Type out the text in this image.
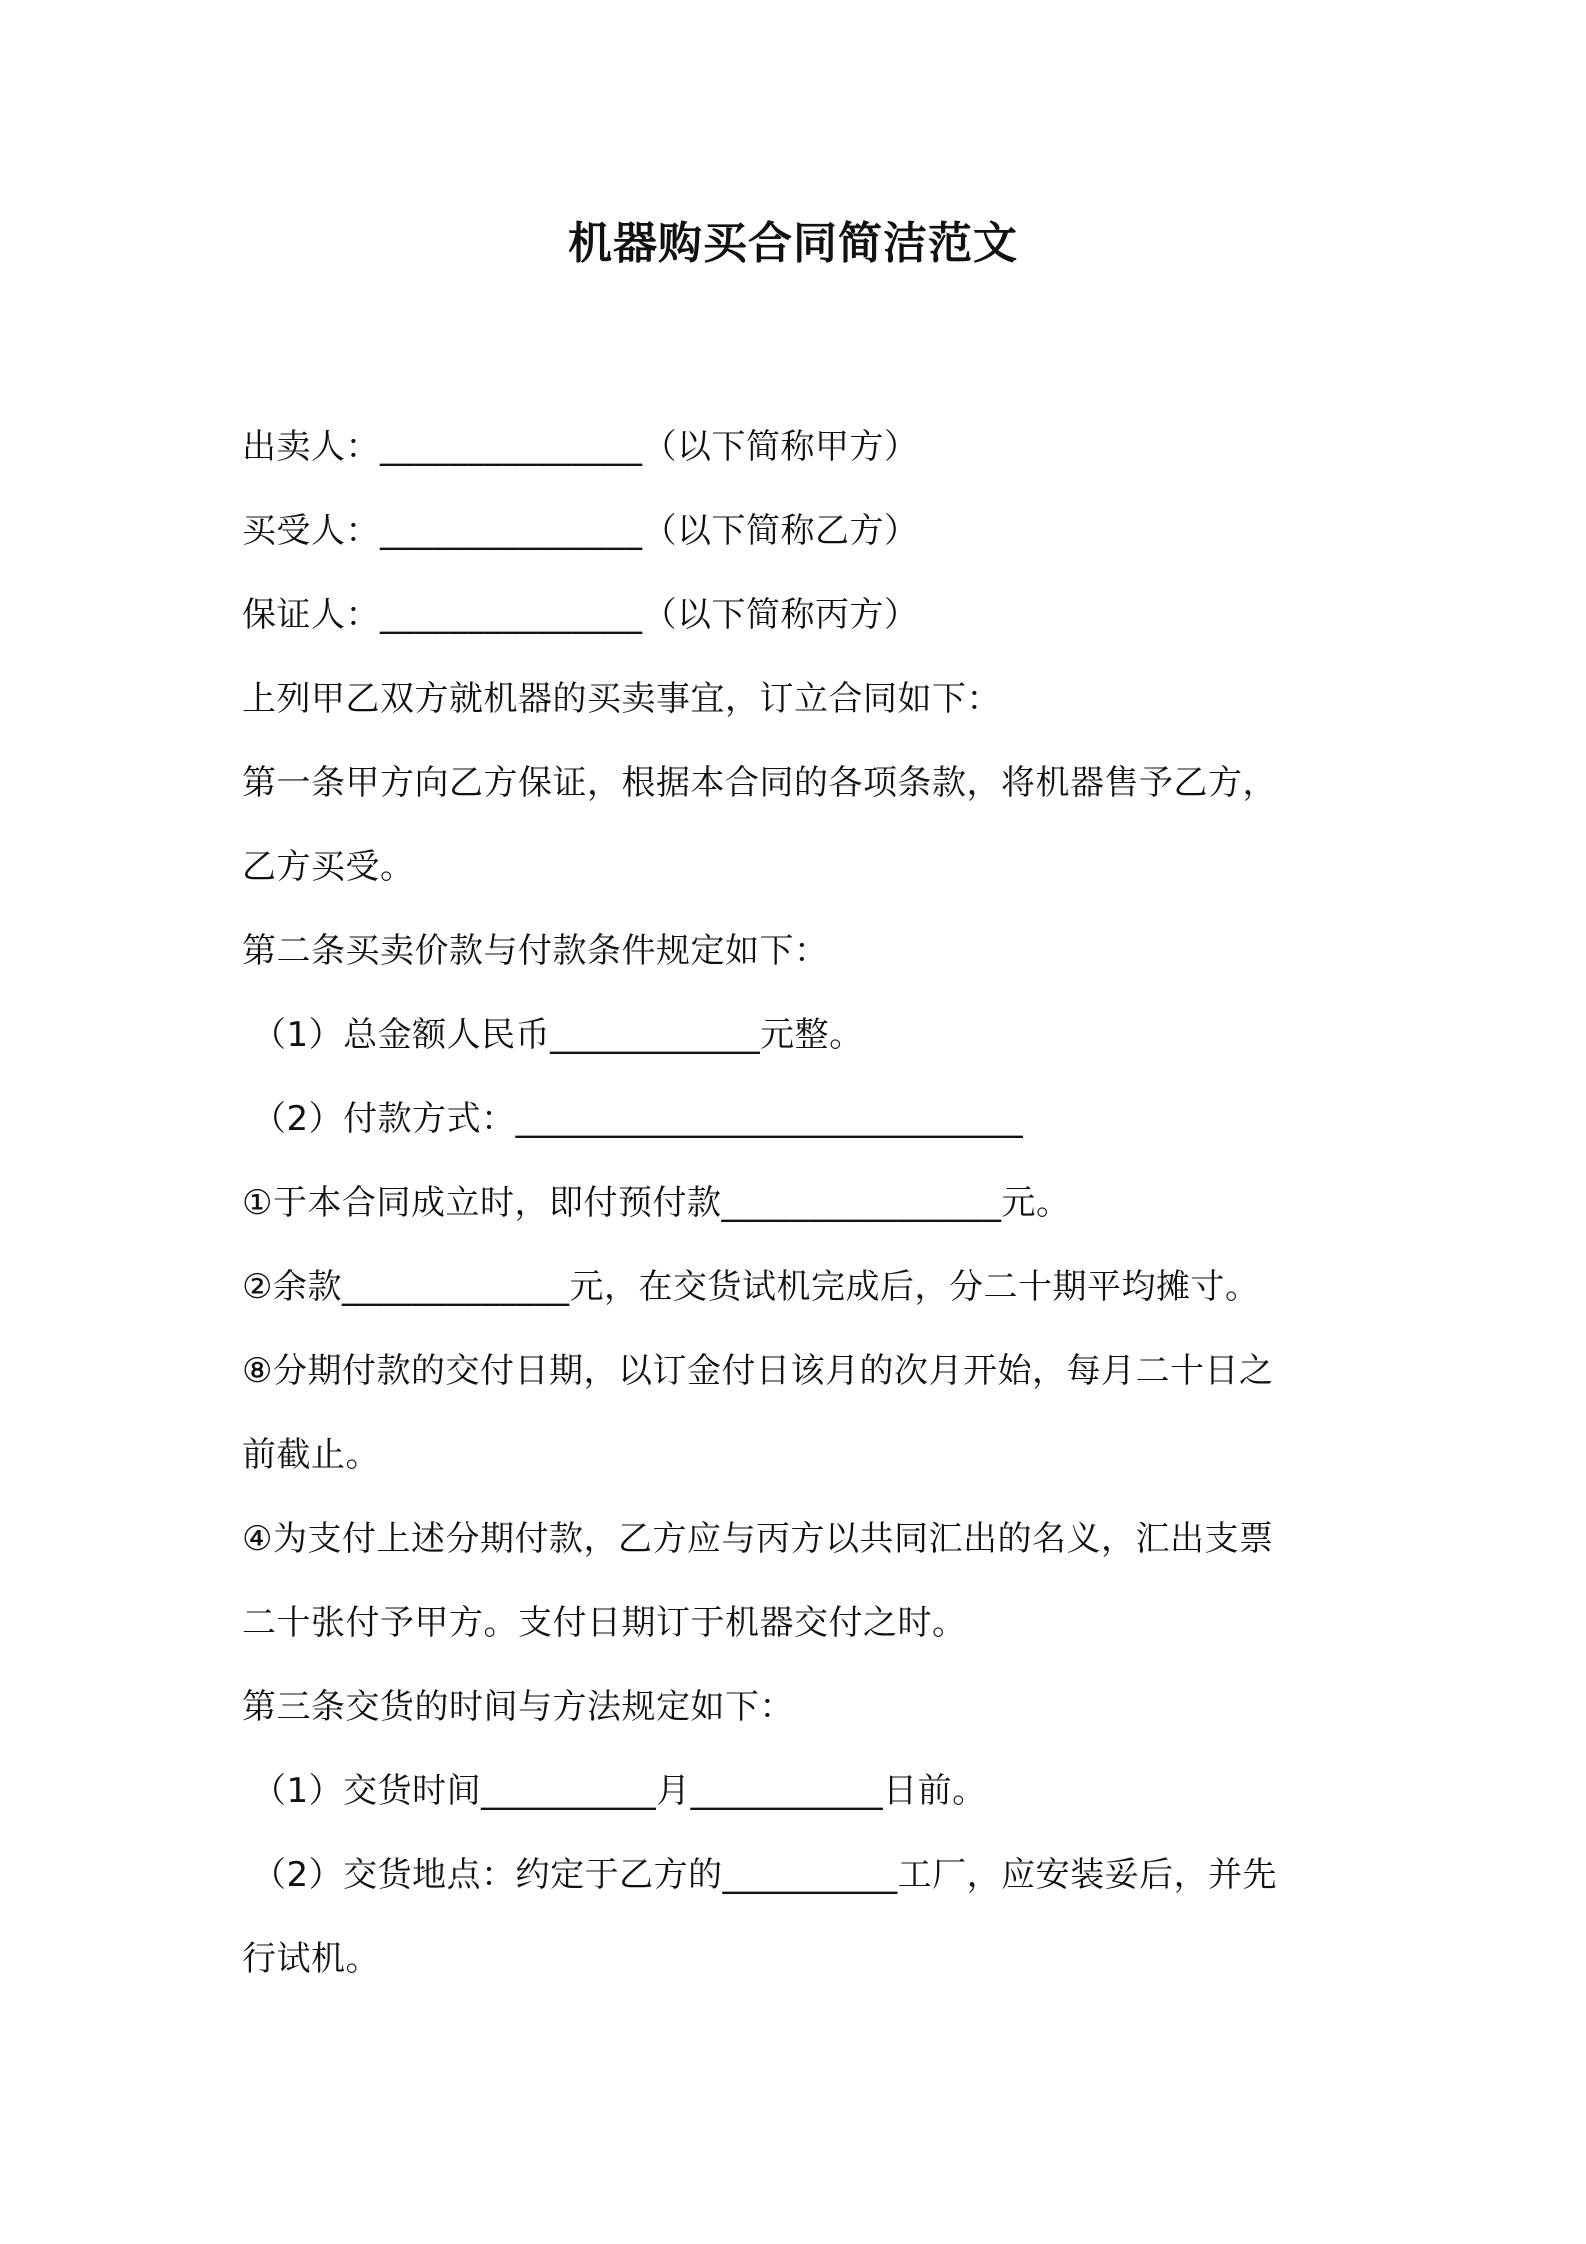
机器购买合同简洁范文
出卖人：_______________（以下简称甲方）
买受人：_______________（以下简称乙方）
保证人：_______________（以下简称丙方）
上列甲乙双方就机器的买卖事宜，订立合同如下：
第一条甲方向乙方保证，根据本合同的各项条款，将机器售予乙方，
乙方买受。
第二条买卖价款与付款条件规定如下：
（1）总金额人民币____________元整。
（2）付款方式：_____________________________
①于本合同成立时，即付预付款________________元。
②余款_____________元，在交货试机完成后，分二十期平均摊寸。
⑧分期付款的交付日期，以订金付日该月的次月开始，每月二十日之
前截止。
④为支付上述分期付款，乙方应与丙方以共同汇出的名义，汇出支票
二十张付予甲方。支付日期订于机器交付之时。
第三条交货的时间与方法规定如下：
（1）交货时间__________月___________日前。
（2）交货地点：约定于乙方的__________工厂，应安装妥后，并先
行试机。
